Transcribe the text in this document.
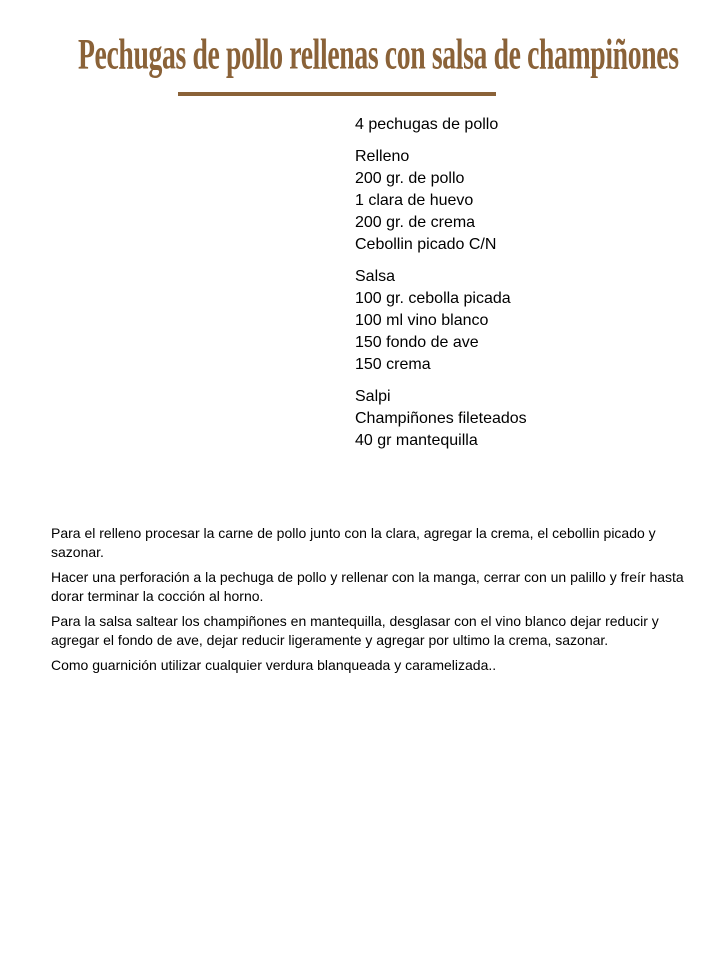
Pechugas de pollo rellenas con salsa de champiñones
4 pechugas de pollo
Relleno
200 gr. de pollo
1 clara de huevo
200 gr. de crema
Cebollin picado C/N
Salsa
100 gr. cebolla picada
100 ml vino blanco
150 fondo de ave
150 crema
Salpi
Champiñones fileteados
40 gr mantequilla

Para el relleno procesar la carne de pollo junto con la clara, agregar la crema, el cebollin picado y sazonar.

Hacer una perforación a la pechuga de pollo y rellenar con la manga, cerrar con un palillo y freír hasta dorar terminar la cocción al horno.

Para la salsa saltear los champiñones en mantequilla, desglasar con el vino blanco dejar reducir y agregar el fondo de ave, dejar reducir ligeramente y agregar por ultimo la crema, sazonar.

Como guarnición utilizar cualquier verdura blanqueada y caramelizada..
